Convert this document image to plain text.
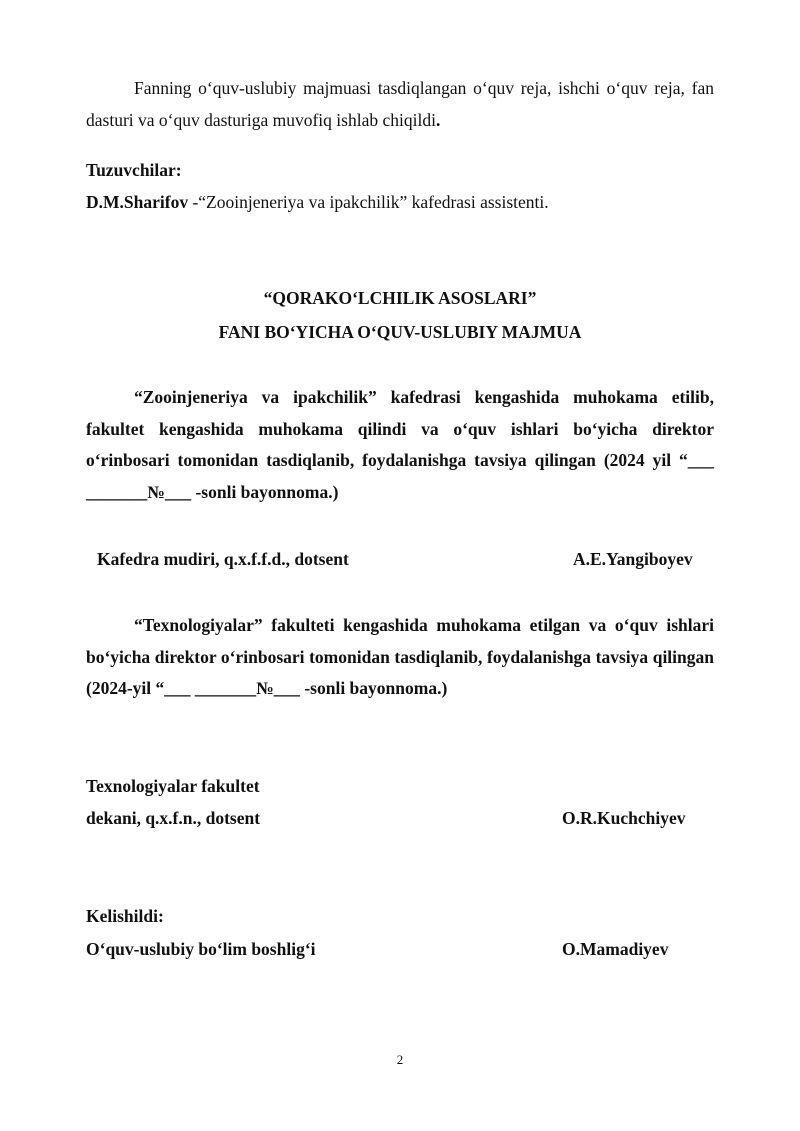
Fanning o‘quv-uslubiy majmuasi tasdiqlangan o‘quv reja, ishchi o‘quv reja, fan dasturi va o‘quv dasturiga muvofiq ishlab chiqildi.
Tuzuvchilar:
D.M.Sharifov -“Zooinjeneriya va ipakchilik” kafedrasi assistenti.
“QORAKO‘LCHILIK ASOSLARI”
FANI BO‘YICHA O‘QUV-USLUBIY MAJMUA
“Zooinjeneriya va ipakchilik” kafedrasi kengashida muhokama etilib, fakultet kengashida muhokama qilindi va o‘quv ishlari bo‘yicha direktor o‘rinbosari tomonidan tasdiqlanib, foydalanishga tavsiya qilingan (2024 yil “___ _______№___ -sonli bayonnoma.)
Kafedra mudiri, q.x.f.f.d., dotsent	A.E.Yangiboyev
“Texnologiyalar” fakulteti kengashida muhokama etilgan va o‘quv ishlari bo‘yicha direktor o‘rinbosari tomonidan tasdiqlanib, foydalanishga tavsiya qilingan (2024-yil “___ _______№___ -sonli bayonnoma.)
Texnologiyalar fakultet
dekani, q.x.f.n., dotsent	O.R.Kuchchiyev
Kelishildi:
O‘quv-uslubiy bo‘lim boshlig‘i	O.Mamadiyev
2
